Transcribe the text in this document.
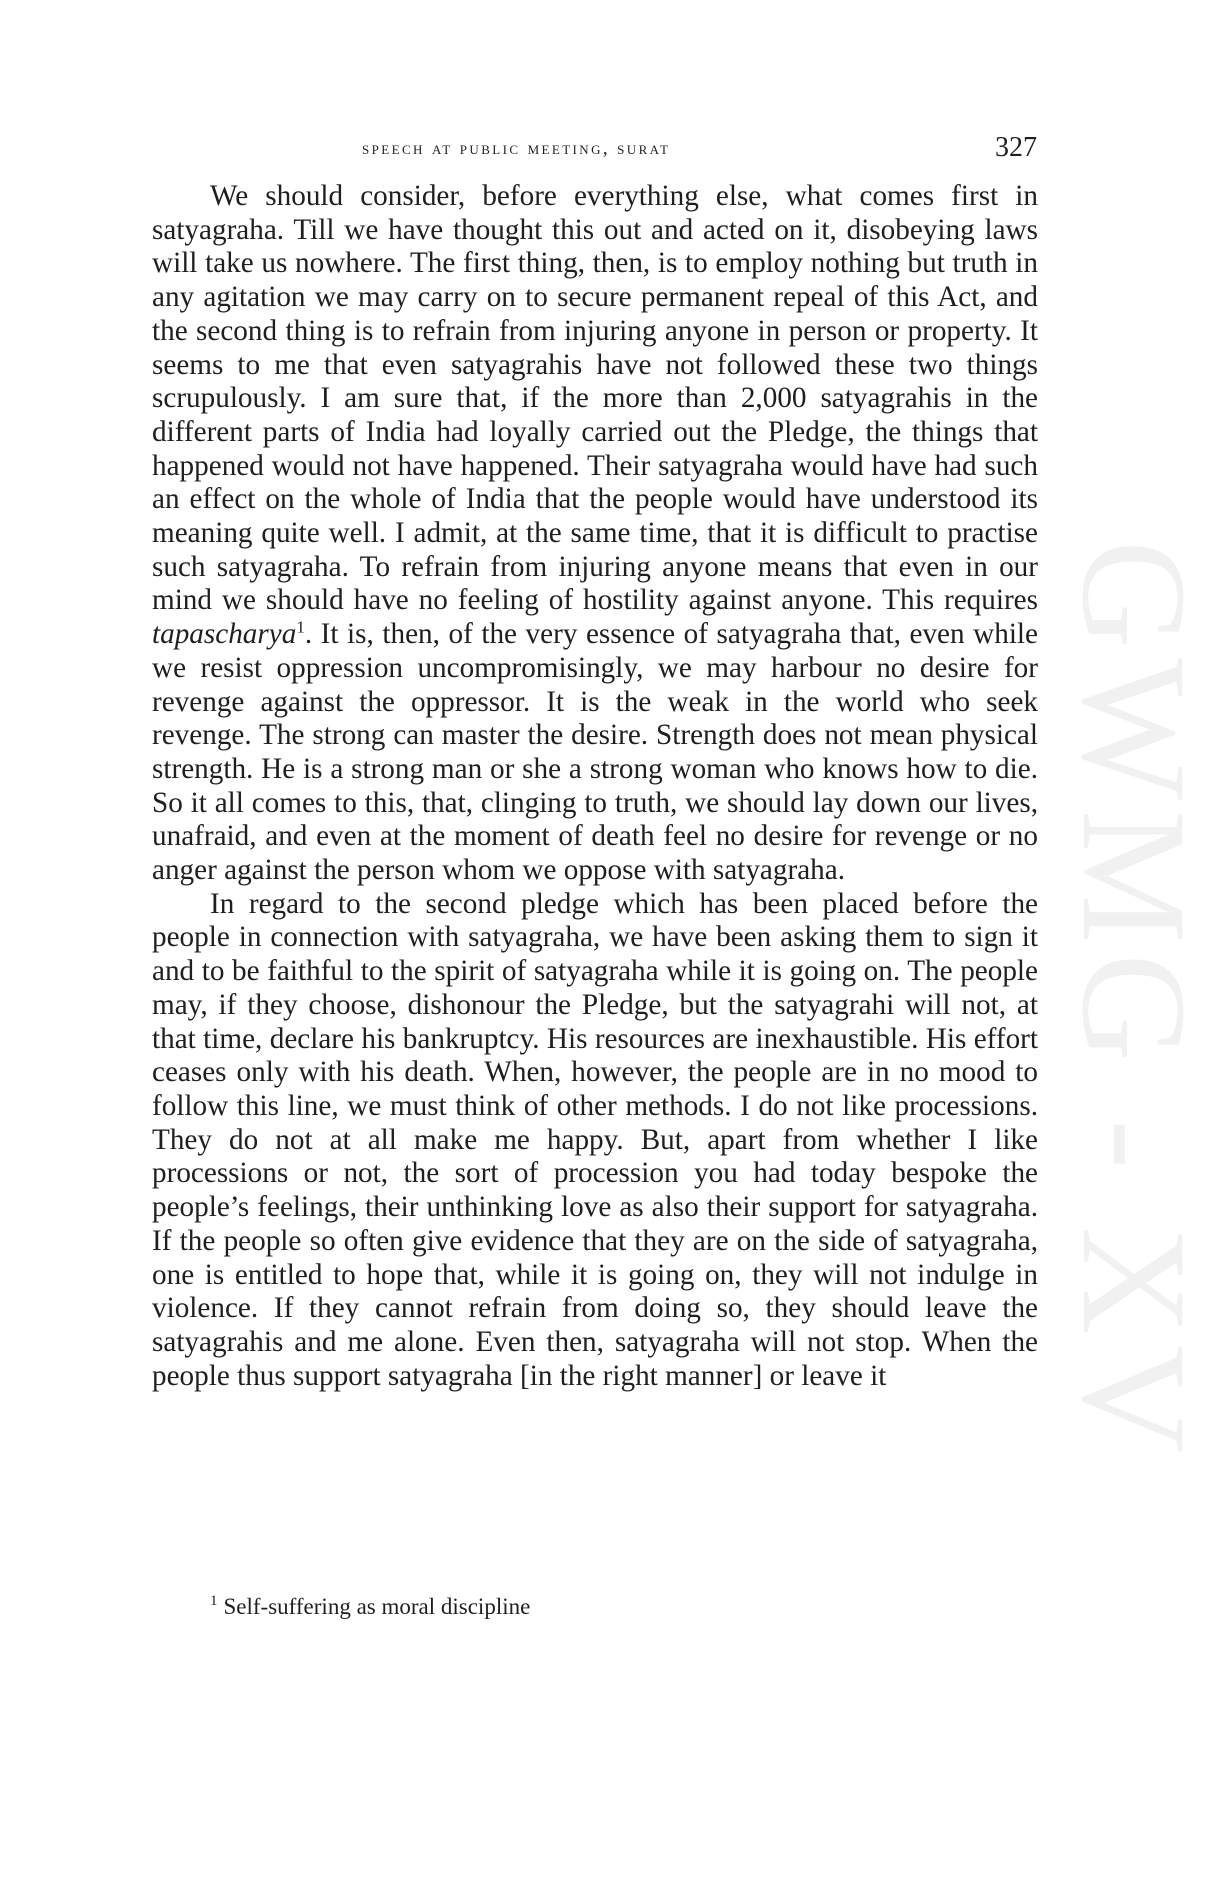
GWMG - XV
speech at public meeting, surat	327

We should consider, before everything else, what comes first in satyagraha. Till we have thought this out and acted on it, disobeying laws will take us nowhere. The first thing, then, is to employ nothing but truth in any agitation we may carry on to secure permanent repeal of this Act, and the second thing is to refrain from injuring anyone in person or property. It seems to me that even satyagrahis have not followed these two things scrupulously. I am sure that, if the more than 2,000 satyagrahis in the different parts of India had loyally carried out the Pledge, the things that happened would not have happened. Their satyagraha would have had such an effect on the whole of India that the people would have understood its meaning quite well. I admit, at the same time, that it is difficult to practise such satyagraha. To refrain from injuring anyone means that even in our mind we should have no feeling of hostility against anyone. This requires tapascharya$^1$. It is, then, of the very essence of satyagraha that, even while we resist oppression uncompromisingly, we may harbour no desire for revenge against the oppressor. It is the weak in the world who seek revenge. The strong can master the desire. Strength does not mean physical strength. He is a strong man or she a strong woman who knows how to die. So it all comes to this, that, clinging to truth, we should lay down our lives, unafraid, and even at the moment of death feel no desire for revenge or no anger against the person whom we oppose with satyagraha.

In regard to the second pledge which has been placed before the people in connection with satyagraha, we have been asking them to sign it and to be faithful to the spirit of satyagraha while it is going on. The people may, if they choose, dishonour the Pledge, but the satyagrahi will not, at that time, declare his bankruptcy. His resources are inexhaustible. His effort ceases only with his death. When, however, the people are in no mood to follow this line, we must think of other methods. I do not like processions. They do not at all make me happy. But, apart from whether I like processions or not, the sort of procession you had today bespoke the people’s feelings, their unthinking love as also their support for satyagraha. If the people so often give evidence that they are on the side of satyagraha, one is entitled to hope that, while it is going on, they will not indulge in violence. If they cannot refrain from doing so, they should leave the satyagrahis and me alone. Even then, satyagraha will not stop. When the people thus support satyagraha [in the right manner] or leave it

$^1$ Self-suffering as moral discipline
